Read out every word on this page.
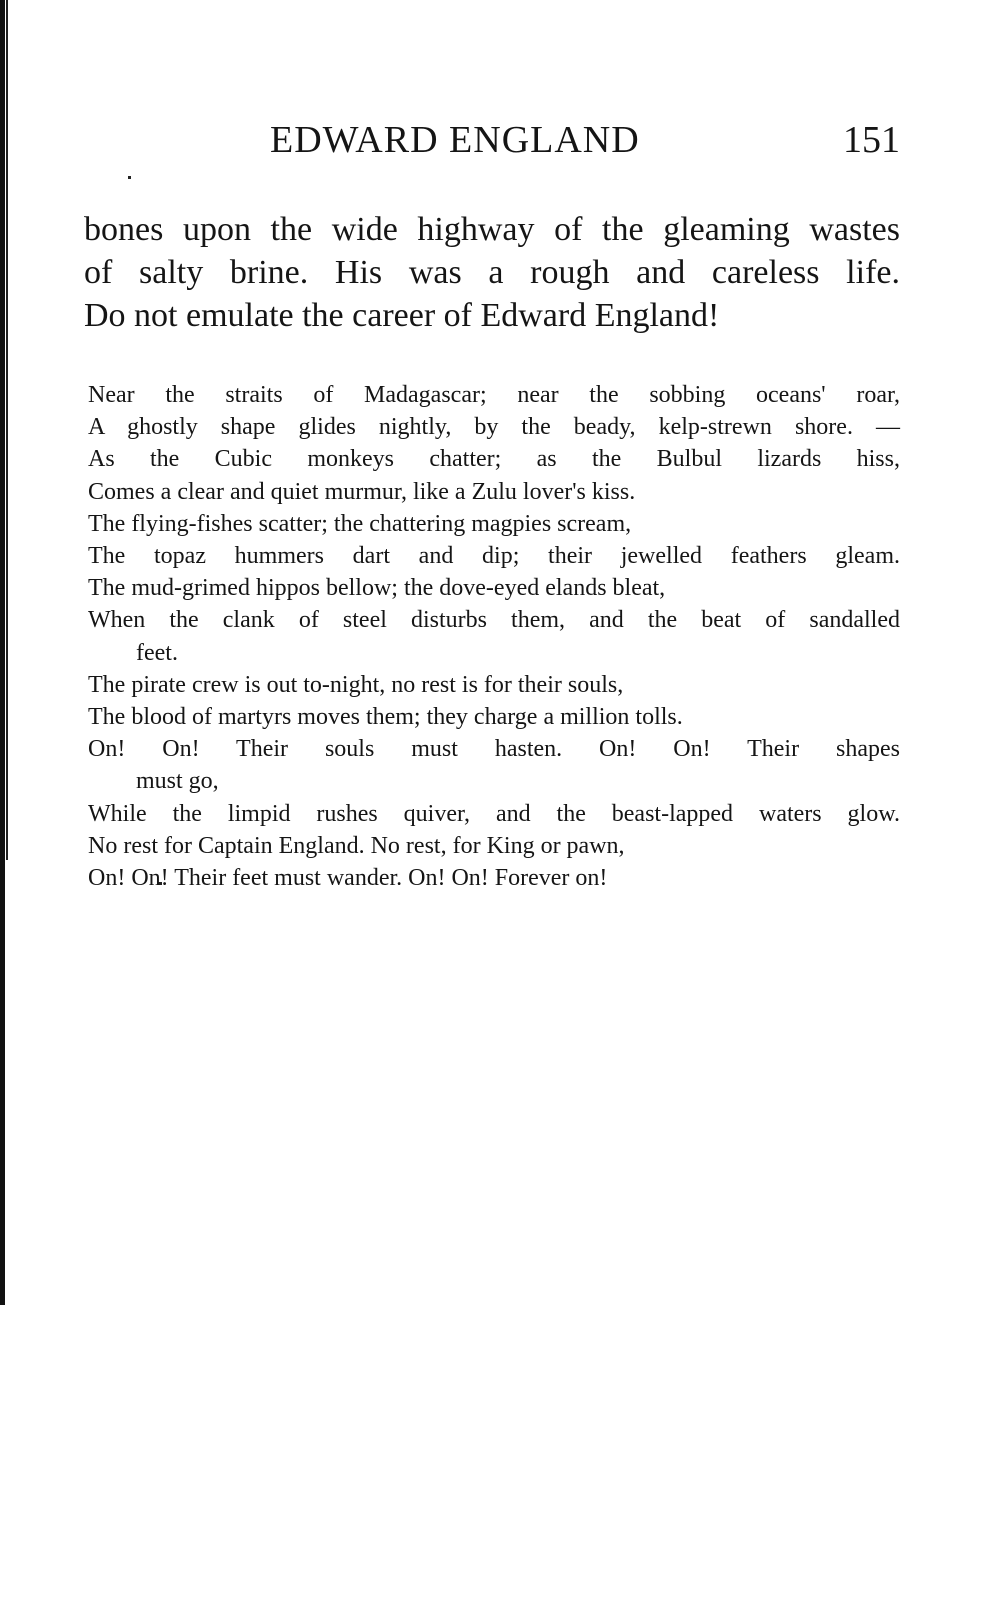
EDWARD ENGLAND	151
bones upon the wide highway of the gleaming wastes
of salty brine. His was a rough and careless life.
Do not emulate the career of Edward England!
Near the straits of Madagascar; near the sobbing oceans' roar,
A ghostly shape glides nightly, by the beady, kelp-strewn shore. —
As the Cubic monkeys chatter; as the Bulbul lizards hiss,
Comes a clear and quiet murmur, like a Zulu lover's kiss.
The flying-fishes scatter; the chattering magpies scream,
The topaz hummers dart and dip; their jewelled feathers gleam.
The mud-grimed hippos bellow; the dove-eyed elands bleat,
When the clank of steel disturbs them, and the beat of sandalled
feet.
The pirate crew is out to-night, no rest is for their souls,
The blood of martyrs moves them; they charge a million tolls.
On! On! Their souls must hasten. On! On! Their shapes
must go,
While the limpid rushes quiver, and the beast-lapped waters glow.
No rest for Captain England. No rest, for King or pawn,
On! On! Their feet must wander. On! On! Forever on!
